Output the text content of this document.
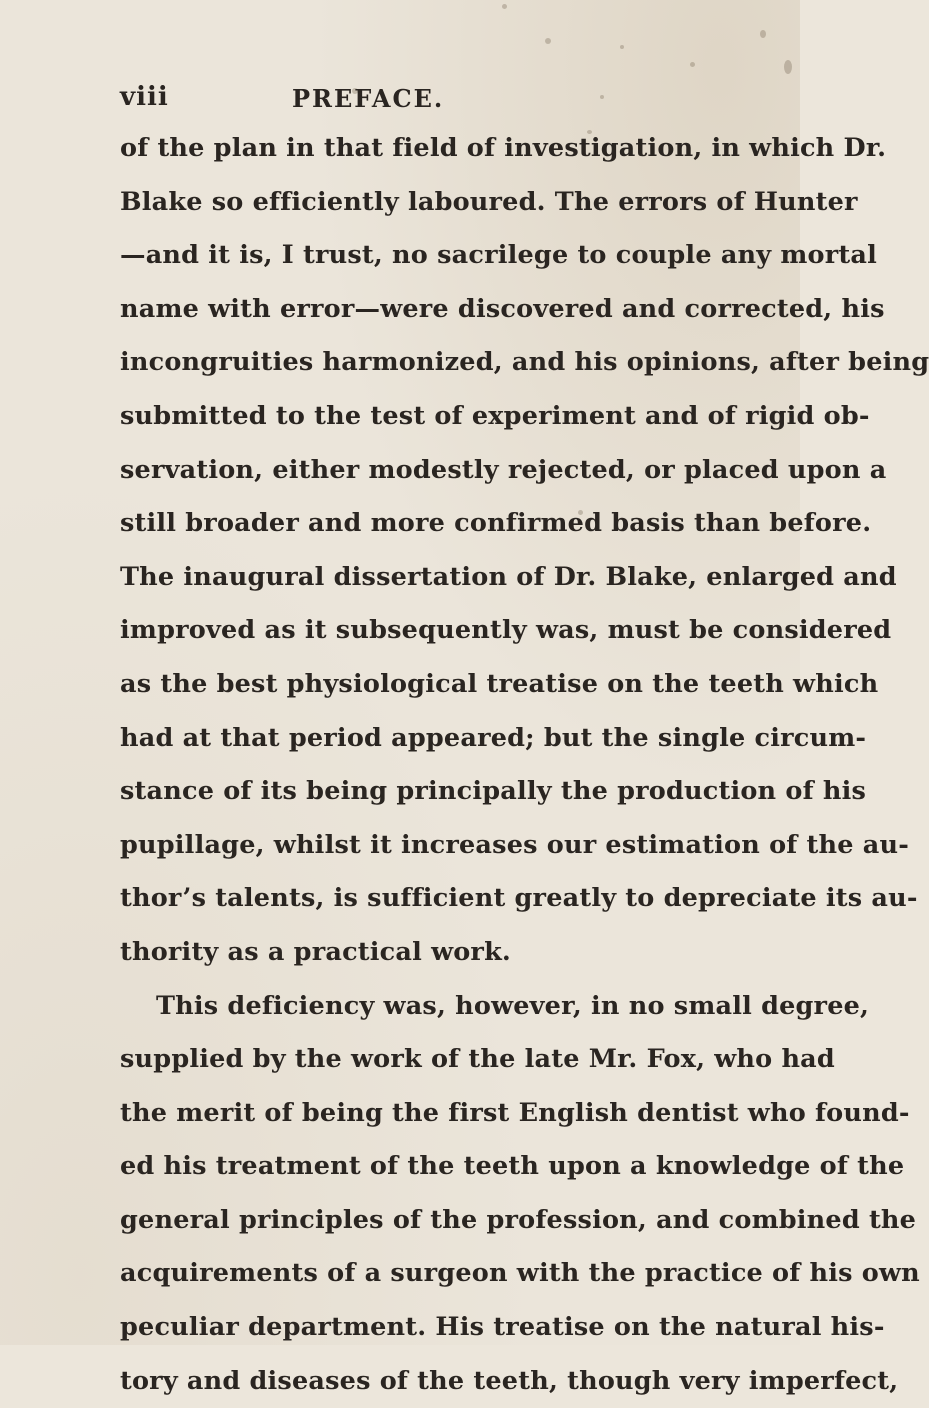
viii	PREFACE.
of the plan in that field of investigation, in which Dr.
Blake so efficiently laboured. The errors of Hunter
—and it is, I trust, no sacrilege to couple any mortal
name with error—were discovered and corrected, his
incongruities harmonized, and his opinions, after being
submitted to the test of experiment and of rigid ob-
servation, either modestly rejected, or placed upon a
still broader and more confirmed basis than before.
The inaugural dissertation of Dr. Blake, enlarged and
improved as it subsequently was, must be considered
as the best physiological treatise on the teeth which
had at that period appeared; but the single circum-
stance of its being principally the production of his
pupillage, whilst it increases our estimation of the au-
thor’s talents, is sufficient greatly to depreciate its au-
thority as a practical work.
This deficiency was, however, in no small degree,
supplied by the work of the late Mr. Fox, who had
the merit of being the first English dentist who found-
ed his treatment of the teeth upon a knowledge of the
general principles of the profession, and combined the
acquirements of a surgeon with the practice of his own
peculiar department. His treatise on the natural his-
tory and diseases of the teeth, though very imperfect,
